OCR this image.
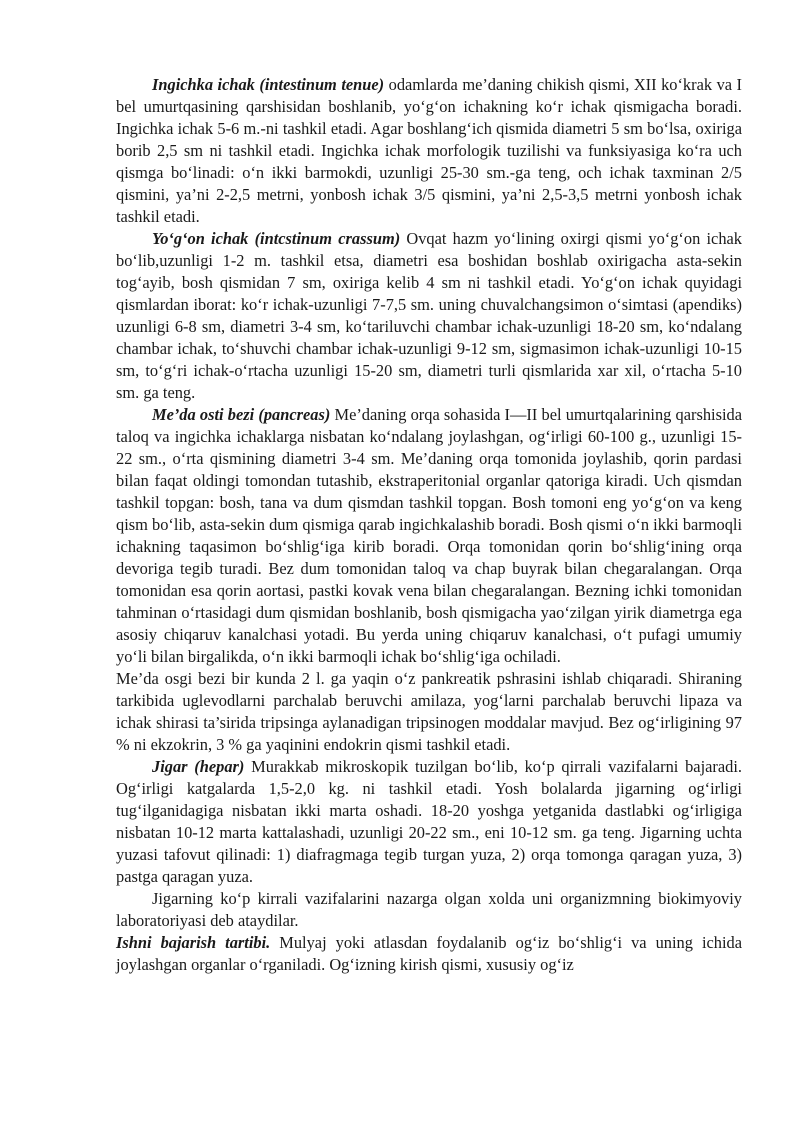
Ingichka ichak (intestinum tenue) odamlarda me’daning chikish qismi, XII ko‘krak va I bel umurtqasining qarshisidan boshlanib, yo‘g‘on ichakning ko‘r ichak qismigacha boradi. Ingichka ichak 5-6 m.-ni tashkil etadi. Agar boshlang‘ich qismida diametri 5 sm bo‘lsa, oxiriga borib 2,5 sm ni tashkil etadi. Ingichka ichak morfologik tuzilishi va funksiyasiga ko‘ra uch qismga bo‘linadi: o‘n ikki barmokdi, uzunligi 25-30 sm.-ga teng, och ichak taxminan 2/5 qismini, ya’ni 2-2,5 metrni, yonbosh ichak 3/5 qismini, ya’ni 2,5-3,5 metrni yonbosh ichak tashkil etadi.

Yo‘g‘on ichak (intcstinum crassum) Ovqat hazm yo‘lining oxirgi qismi yo‘g‘on ichak bo‘lib,uzunligi 1-2 m. tashkil etsa, diametri esa boshidan boshlab oxirigacha asta-sekin tog‘ayib, bosh qismidan 7 sm, oxiriga kelib 4 sm ni tashkil etadi. Yo‘g‘on ichak quyidagi qismlardan iborat: ko‘r ichak-uzunligi 7-7,5 sm. uning chuvalchangsimon o‘simtasi (apendiks) uzunligi 6-8 sm, diametri 3-4 sm, ko‘tariluvchi chambar ichak-uzunligi 18-20 sm, ko‘ndalang chambar ichak, to‘shuvchi chambar ichak-uzunligi 9-12 sm, sigmasimon ichak-uzunligi 10-15 sm, to‘g‘ri ichak-o‘rtacha uzunligi 15-20 sm, diametri turli qismlarida xar xil, o‘rtacha 5-10 sm. ga teng.

Me’da osti bezi (pancreas) Me’daning orqa sohasida I—II bel umurtqalarining qarshisida taloq va ingichka ichaklarga nisbatan ko‘ndalang joylashgan, og‘irligi 60-100 g., uzunligi 15-22 sm., o‘rta qismining diametri 3-4 sm. Me’daning orqa tomonida joylashib, qorin pardasi bilan faqat oldingi tomondan tutashib, ekstraperitonial organlar qatoriga kiradi. Uch qismdan tashkil topgan: bosh, tana va dum qismdan tashkil topgan. Bosh tomoni eng yo‘g‘on va keng qism bo‘lib, asta-sekin dum qismiga qarab ingichkalashib boradi. Bosh qismi o‘n ikki barmoqli ichakning taqasimon bo‘shlig‘iga kirib boradi. Orqa tomonidan qorin bo‘shlig‘ining orqa devoriga tegib turadi. Bez dum tomonidan taloq va chap buyrak bilan chegaralangan. Orqa tomonidan esa qorin aortasi, pastki kovak vena bilan chegaralangan. Bezning ichki tomonidan tahminan o‘rtasidagi dum qismidan boshlanib, bosh qismigacha yao‘zilgan yirik diametrga ega asosiy chiqaruv kanalchasi yotadi. Bu yerda uning chiqaruv kanalchasi, o‘t pufagi umumiy yo‘li bilan birgalikda, o‘n ikki barmoqli ichak bo‘shlig‘iga ochiladi.

Me’da osgi bezi bir kunda 2 l. ga yaqin o‘z pankreatik pshrasini ishlab chiqaradi. Shiraning tarkibida uglevodlarni parchalab beruvchi amilaza, yog‘larni parchalab beruvchi lipaza va ichak shirasi ta’sirida tripsinga aylanadigan tripsinogen moddalar mavjud. Bez og‘irligining 97 % ni ekzokrin, 3 % ga yaqinini endokrin qismi tashkil etadi.

Jigar (hepar) Murakkab mikroskopik tuzilgan bo‘lib, ko‘p qirrali vazifalarni bajaradi. Og‘irligi katgalarda 1,5-2,0 kg. ni tashkil etadi. Yosh bolalarda jigarning og‘irligi tug‘ilganidagiga nisbatan ikki marta oshadi. 18-20 yoshga yetganida dastlabki og‘irligiga nisbatan 10-12 marta kattalashadi, uzunligi 20-22 sm., eni 10-12 sm. ga teng. Jigarning uchta yuzasi tafovut qilinadi: 1) diafragmaga tegib turgan yuza, 2) orqa tomonga qaragan yuza, 3) pastga qaragan yuza.

Jigarning ko‘p kirrali vazifalarini nazarga olgan xolda uni organizmning biokimyoviy laboratoriyasi deb ataydilar.

Ishni bajarish tartibi. Mulyaj yoki atlasdan foydalanib og‘iz bo‘shlig‘i va uning ichida joylashgan organlar o‘rganiladi. Og‘izning kirish qismi, xususiy og‘iz
